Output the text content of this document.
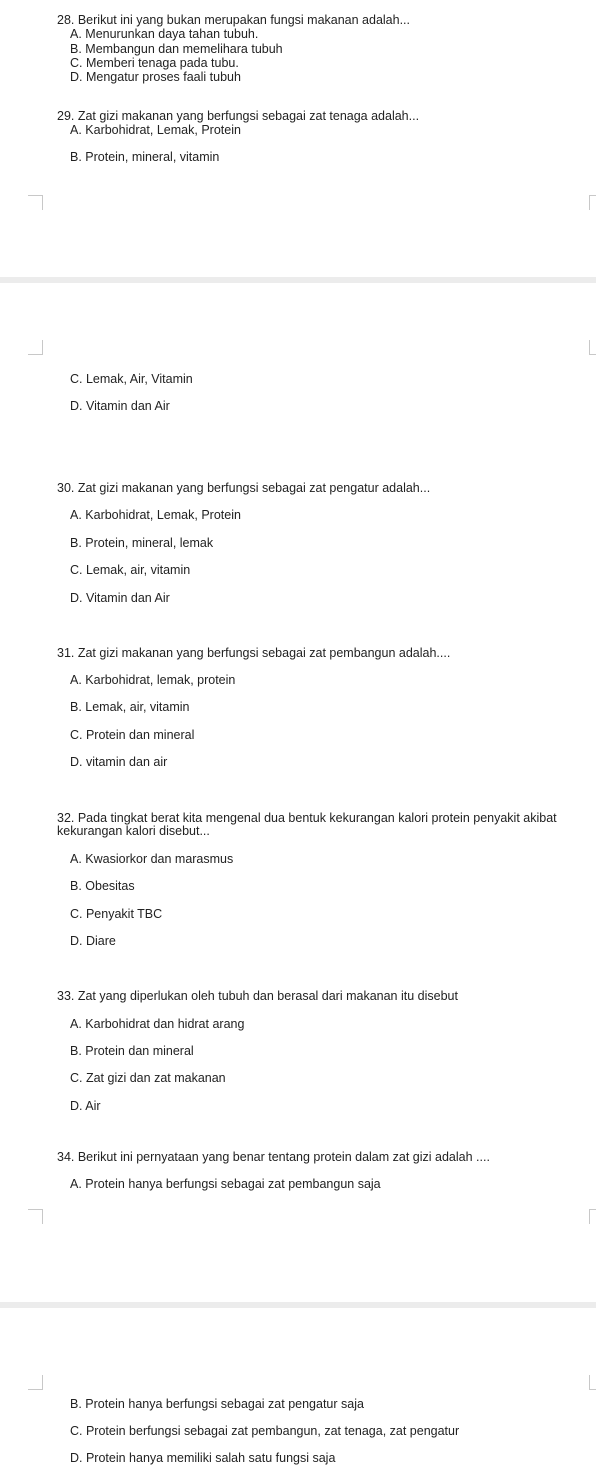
28. Berikut ini yang bukan merupakan fungsi makanan adalah...
A. Menurunkan daya tahan tubuh.
B. Membangun dan memelihara tubuh
C. Memberi tenaga pada tubu.
D. Mengatur proses faali tubuh
29. Zat gizi makanan yang berfungsi sebagai zat tenaga adalah...
A. Karbohidrat, Lemak, Protein
B. Protein, mineral, vitamin
C. Lemak, Air, Vitamin
D. Vitamin dan Air
30. Zat gizi makanan yang berfungsi sebagai zat pengatur adalah...
A. Karbohidrat, Lemak, Protein
B. Protein, mineral, lemak
C. Lemak, air, vitamin
D. Vitamin dan Air
31. Zat gizi makanan yang berfungsi sebagai zat pembangun adalah....
A. Karbohidrat, lemak, protein
B. Lemak, air, vitamin
C. Protein dan mineral
D. vitamin dan air
32. Pada tingkat berat kita mengenal dua bentuk kekurangan kalori protein penyakit akibat kekurangan kalori disebut...
A. Kwasiorkor dan marasmus
B. Obesitas
C. Penyakit TBC
D. Diare
33. Zat yang diperlukan oleh tubuh dan berasal dari makanan itu disebut
A. Karbohidrat dan hidrat arang
B. Protein dan mineral
C. Zat gizi dan zat makanan
D. Air
34. Berikut ini pernyataan yang benar tentang protein dalam zat gizi adalah ....
A. Protein hanya berfungsi sebagai zat pembangun saja
B. Protein hanya berfungsi sebagai zat pengatur saja
C. Protein berfungsi sebagai zat pembangun, zat tenaga, zat pengatur
D. Protein hanya memiliki salah satu fungsi saja
